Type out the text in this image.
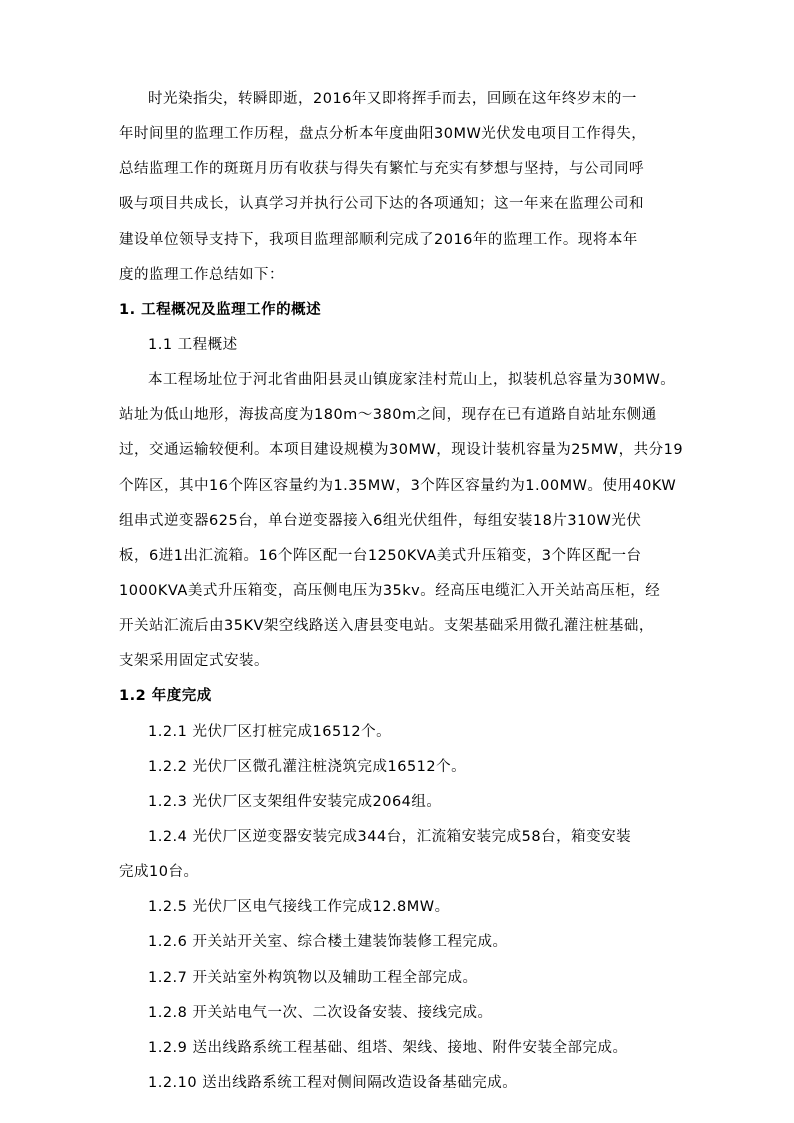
时光染指尖，转瞬即逝，2016年又即将挥手而去，回顾在这年终岁末的一
年时间里的监理工作历程，盘点分析本年度曲阳30MW光伏发电项目工作得失，
总结监理工作的斑斑月历有收获与得失有繁忙与充实有梦想与坚持，与公司同呼
吸与项目共成长，认真学习并执行公司下达的各项通知；这一年来在监理公司和
建设单位领导支持下，我项目监理部顺利完成了2016年的监理工作。现将本年
度的监理工作总结如下：
1. 工程概况及监理工作的概述
1.1 工程概述
本工程场址位于河北省曲阳县灵山镇庞家洼村荒山上，拟装机总容量为30MW。
站址为低山地形，海拔高度为180m～380m之间，现存在已有道路自站址东侧通
过，交通运输较便利。本项目建设规模为30MW，现设计装机容量为25MW，共分19
个阵区，其中16个阵区容量约为1.35MW，3个阵区容量约为1.00MW。使用40KW
组串式逆变器625台，单台逆变器接入6组光伏组件，每组安装18片310W光伏
板，6进1出汇流箱。16个阵区配一台1250KVA美式升压箱变，3个阵区配一台
1000KVA美式升压箱变，高压侧电压为35kv。经高压电缆汇入开关站高压柜，经
开关站汇流后由35KV架空线路送入唐县变电站。支架基础采用微孔灌注桩基础，
支架采用固定式安装。
1.2 年度完成
1.2.1 光伏厂区打桩完成16512个。
1.2.2 光伏厂区微孔灌注桩浇筑完成16512个。
1.2.3 光伏厂区支架组件安装完成2064组。
1.2.4 光伏厂区逆变器安装完成344台，汇流箱安装完成58台，箱变安装
完成10台。
1.2.5 光伏厂区电气接线工作完成12.8MW。
1.2.6 开关站开关室、综合楼土建装饰装修工程完成。
1.2.7 开关站室外构筑物以及辅助工程全部完成。
1.2.8 开关站电气一次、二次设备安装、接线完成。
1.2.9 送出线路系统工程基础、组塔、架线、接地、附件安装全部完成。
1.2.10 送出线路系统工程对侧间隔改造设备基础完成。
